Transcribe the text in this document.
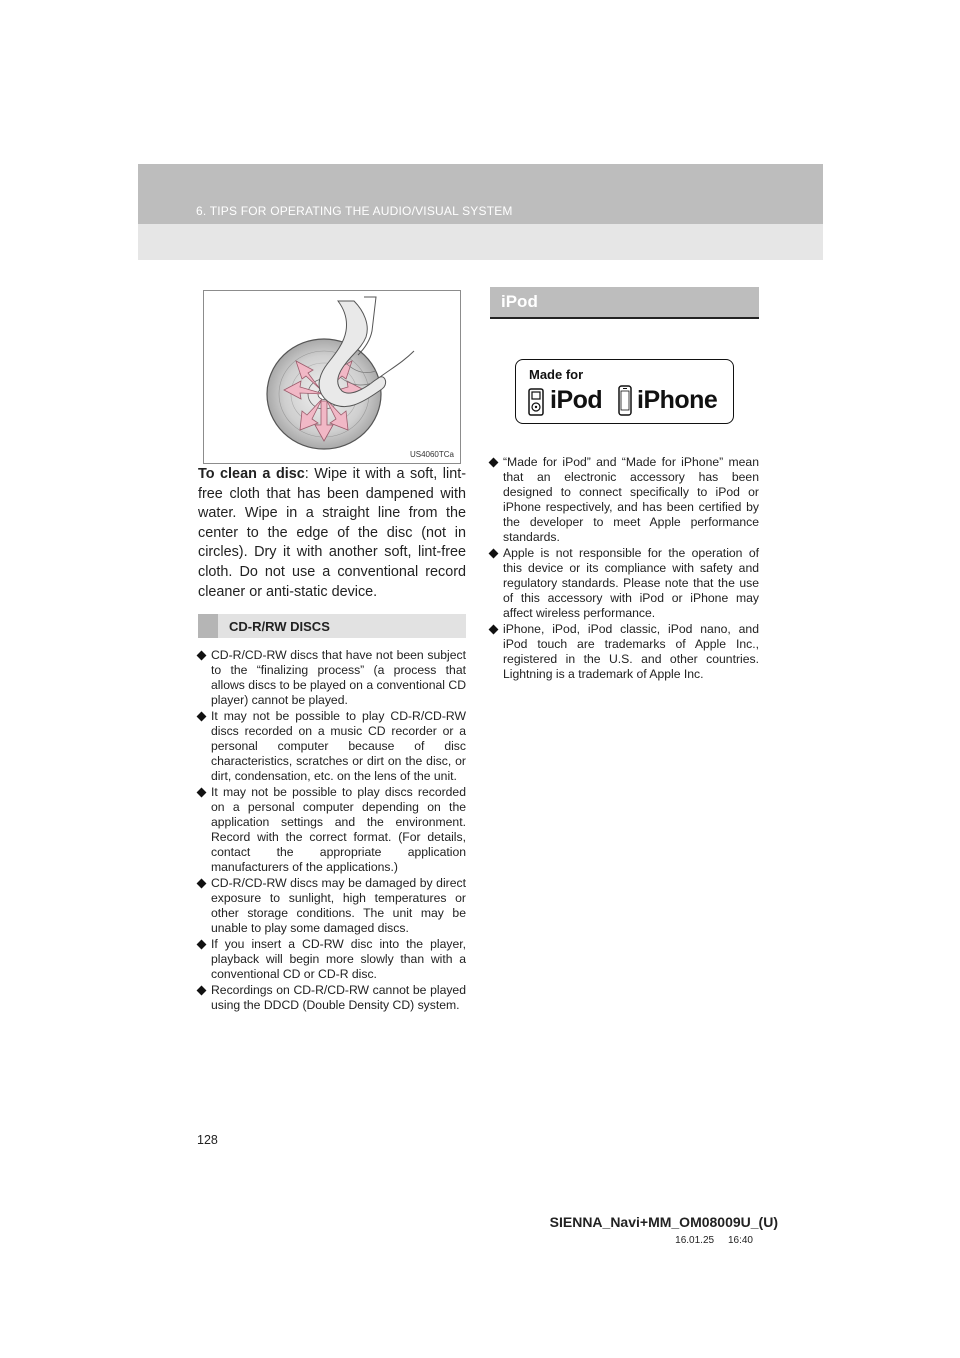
6. TIPS FOR OPERATING THE AUDIO/VISUAL SYSTEM
US4060TCa

To clean a disc: Wipe it with a soft, lint-free cloth that has been dampened with water. Wipe in a straight line from the center to the edge of the disc (not in circles). Dry it with another soft, lint-free cloth. Do not use a conventional record cleaner or anti-static device.

CD-R/RW DISCS
CD-R/CD-RW discs that have not been subject to the “finalizing process” (a process that allows discs to be played on a conventional CD player) cannot be played.
It may not be possible to play CD-R/CD-RW discs recorded on a music CD recorder or a personal computer because of disc characteristics, scratches or dirt on the disc, or dirt, condensation, etc. on the lens of the unit.
It may not be possible to play discs recorded on a personal computer depending on the application settings and the environment. Record with the correct format. (For details, contact the appropriate application manufacturers of the applications.)
CD-R/CD-RW discs may be damaged by direct exposure to sunlight, high temperatures or other storage conditions. The unit may be unable to play some damaged discs.
If you insert a CD-RW disc into the player, playback will begin more slowly than with a conventional CD or CD-R disc.
Recordings on CD-R/CD-RW cannot be played using the DDCD (Double Density CD) system.
iPod
Made for
iPod iPhone
“Made for iPod” and “Made for iPhone” mean that an electronic accessory has been designed to connect specifically to iPod or iPhone respectively, and has been certified by the developer to meet Apple performance standards.
Apple is not responsible for the operation of this device or its compliance with safety and regulatory standards. Please note that the use of this accessory with iPod or iPhone may affect wireless performance.
iPhone, iPod, iPod classic, iPod nano, and iPod touch are trademarks of Apple Inc., registered in the U.S. and other countries. Lightning is a trademark of Apple Inc.
128
SIENNA_Navi+MM_OM08009U_(U)
16.01.25     16:40
